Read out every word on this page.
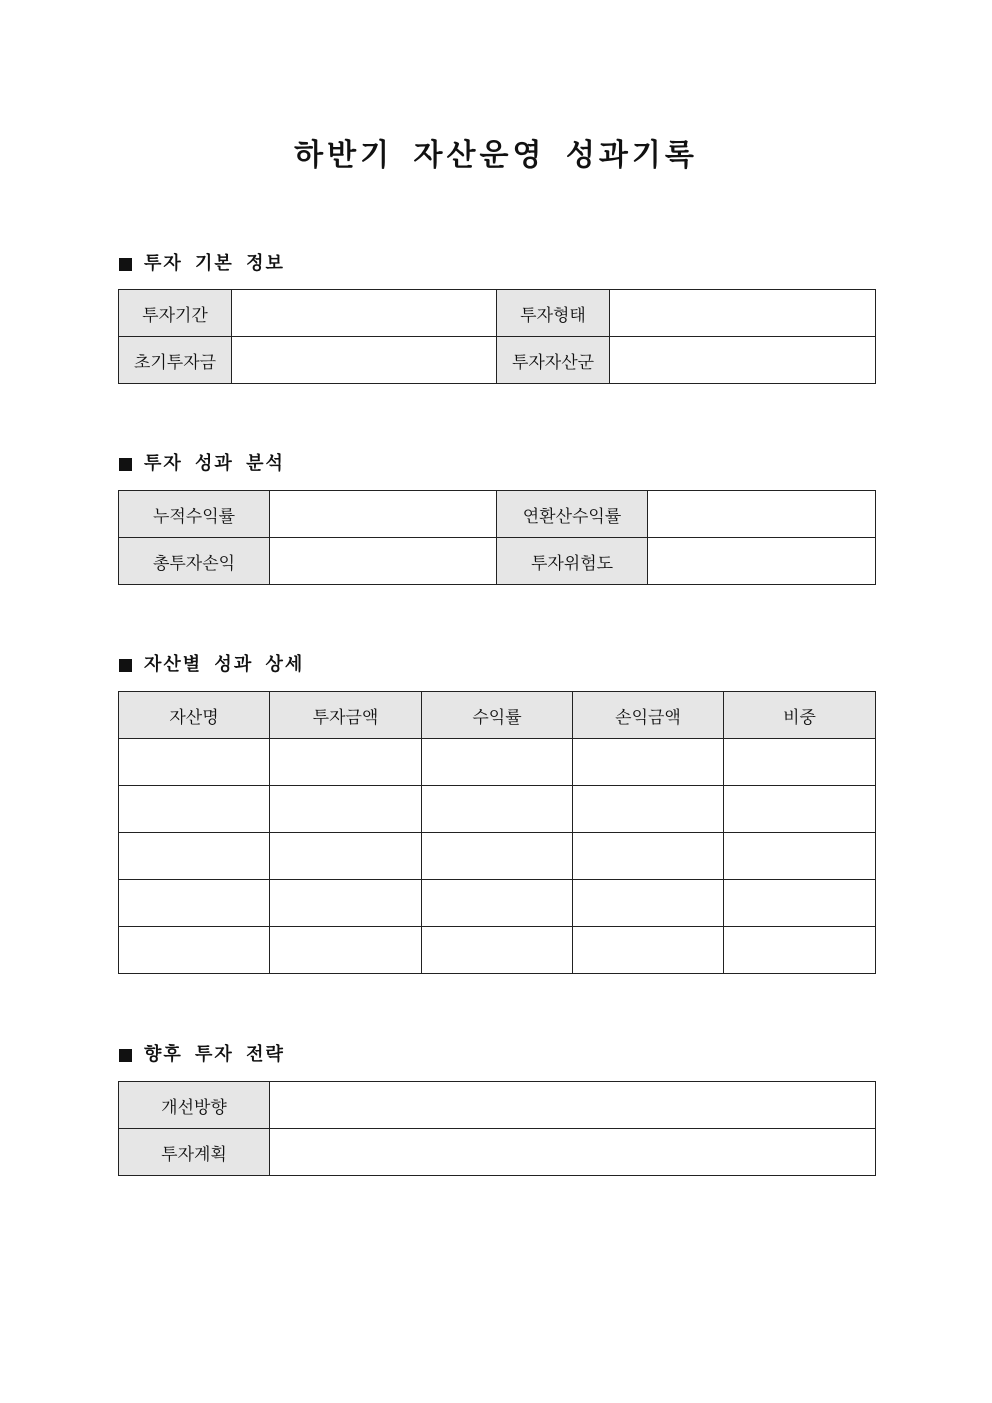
하반기 자산운영 성과기록
투자 기본 정보
투자기간		투자형태	
초기투자금		투자자산군	
투자 성과 분석
누적수익률		연환산수익률	
총투자손익		투자위험도	
자산별 성과 상세
자산명	투자금액	수익률	손익금액	비중

향후 투자 전략
개선방향	
투자계획	
